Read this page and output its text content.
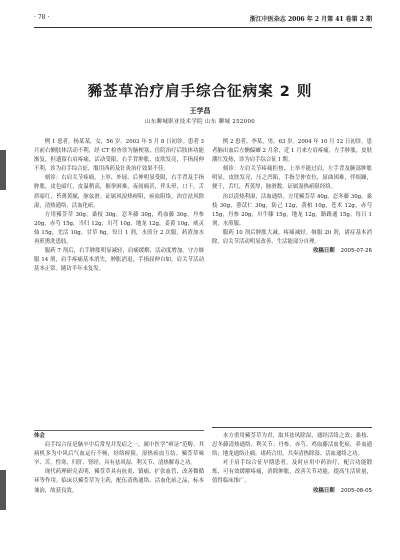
· 78 ·	浙江中医杂志 2006 年 2 月第 41 卷第 2 期
豨莶草治疗肩手综合征病案 2 则
王学昌
山东聊城职业技术学院 山东 聊城 252000

例 1 患者，杨某某，女，56 岁。2003 年 5 月 8 日初诊。患者 3 月前右侧肢体活动不利，经 CT 检查诊为脑梗塞，住院治疗后肢体功能渐复，但遗留右肩疼痛，活动受限，右手背肿胀，皮肤发亮，手指屈伸不利，诊为肩手综合征，服用西药及针灸治疗效果不佳。

刻诊：右肩关节疼痛，上举、外展、后伸明显受限，右手背及手指肿胀，皮色暗红，皮温稍高，握拳困难，夜间痛甚，伴头晕，口干，舌质暗红，苔薄黄腻，脉弦滑。证属风湿热痹阻，瘀血阻络。治宜祛风除湿，清热通络，活血化瘀。

方用豨莶草 30g，桑枝 30g，忍冬藤 30g，鸡血藤 30g，丹参 20g，赤芍 15g，当归 12g，川芎 10g，地龙 12g，姜黄 10g，威灵仙 15g，羌活 10g，甘草 6g。每日 1 剂，水煎分 2 次服，药渣加水再煎熏洗患肢。

服药 7 剂后，右手肿胀明显减轻，肩痛缓解，活动度增加。守方继服 14 剂，肩手疼痛基本消失，肿胀消退，手指屈伸自如，肩关节活动基本正常。随访半年未复发。

例 2 患者，李某，男，63 岁。2004 年 10 月 12 日初诊。患者脑出血后左侧偏瘫 2 月余，近 1 月来左肩疼痛，左手肿胀，皮肤潮红发热，诊为肩手综合征 I 期。

刻诊：左肩关节疼痛拒按，上举不能过肩，左手背及腕部肿胀明显，皮肤发亮，压之凹陷，手指呈伸直位，屈曲困难，伴烦躁，便干，舌红，苔黄厚，脉滑数。证属湿热瘀阻经络。

治以清热利湿，活血通络。方用豨莶草 40g，忍冬藤 30g，桑枝 30g，薏苡仁 30g，防己 12g，黄柏 10g，苍术 12g，赤芍 15g，丹参 20g，川牛膝 15g，地龙 12g，路路通 15g。每日 1 剂，水煎服。

服药 10 剂后肿胀大减，疼痛减轻。继服 20 剂，诸症基本消除，肩关节活动明显改善，生活能部分自理。

收稿日期 2005-07-26

体会

肩手综合征是脑卒中后常见并发症之一，属中医学“痹证”范畴。其病机多为中风后气血运行不畅，经络痹阻，湿热瘀血互结。豨莶草味辛、苦，性寒，归肝、肾经，具有祛风湿、利关节、清热解毒之功。

现代药理研究表明，豨莶草具有抗炎、镇痛、扩张血管、改善微循环等作用。临床以豨莶草为主药，配伍清热通络、活血化瘀之品，标本兼治，故获良效。

本方重用豨莶草为君，取其祛风除湿、通经活络之效；桑枝、忍冬藤清热通络，利关节；丹参、赤芍、鸡血藤活血化瘀，养血通络；地龙通络止痛。诸药合用，共奏清热除湿、活血通络之功。

对于肩手综合征早期患者，及时应用中药治疗，配合功能锻炼，可有效缓解疼痛，消除肿胀，改善关节功能，提高生活质量，值得临床推广。

收稿日期 2005-08-05
